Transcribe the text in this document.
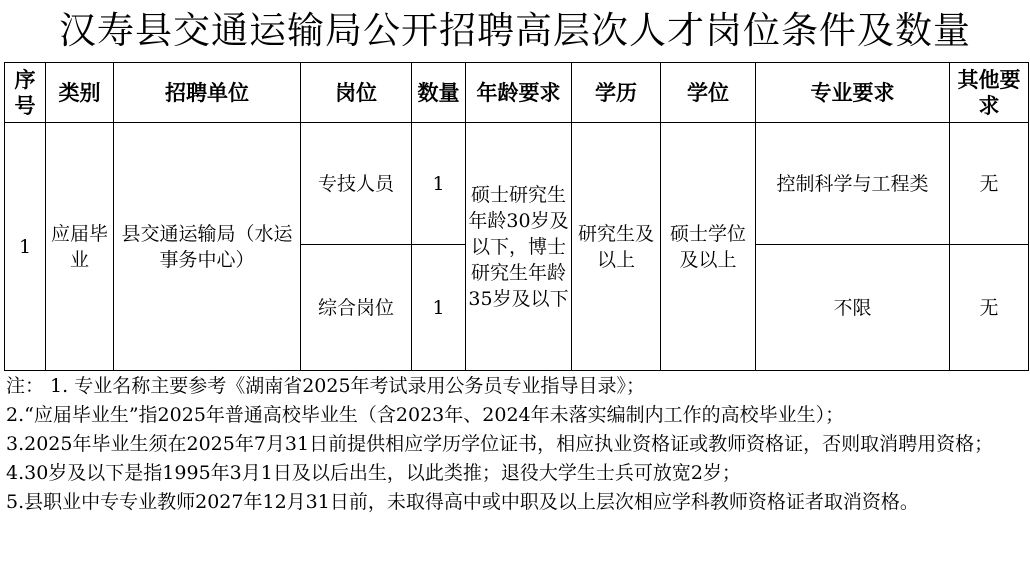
汉寿县交通运输局公开招聘高层次人才岗位条件及数量
序号	类别	招聘单位	岗位	数量	年龄要求	学历	学位	专业要求	其他要求
1	应届毕业	县交通运输局（水运事务中心）	专技人员	1	硕士研究生年龄30岁及以下，博士研究生年龄35岁及以下	研究生及以上	硕士学位及以上	控制科学与工程类	无
			综合岗位	1				不限	无

注： 1. 专业名称主要参考《湖南省2025年考试录用公务员专业指导目录》；

2.“应届毕业生”指2025年普通高校毕业生（含2023年、2024年未落实编制内工作的高校毕业生）；

3.2025年毕业生须在2025年7月31日前提供相应学历学位证书，相应执业资格证或教师资格证，否则取消聘用资格；

4.30岁及以下是指1995年3月1日及以后出生，以此类推；退役大学生士兵可放宽2岁；

5.县职业中专专业教师2027年12月31日前，未取得高中或中职及以上层次相应学科教师资格证者取消资格。
